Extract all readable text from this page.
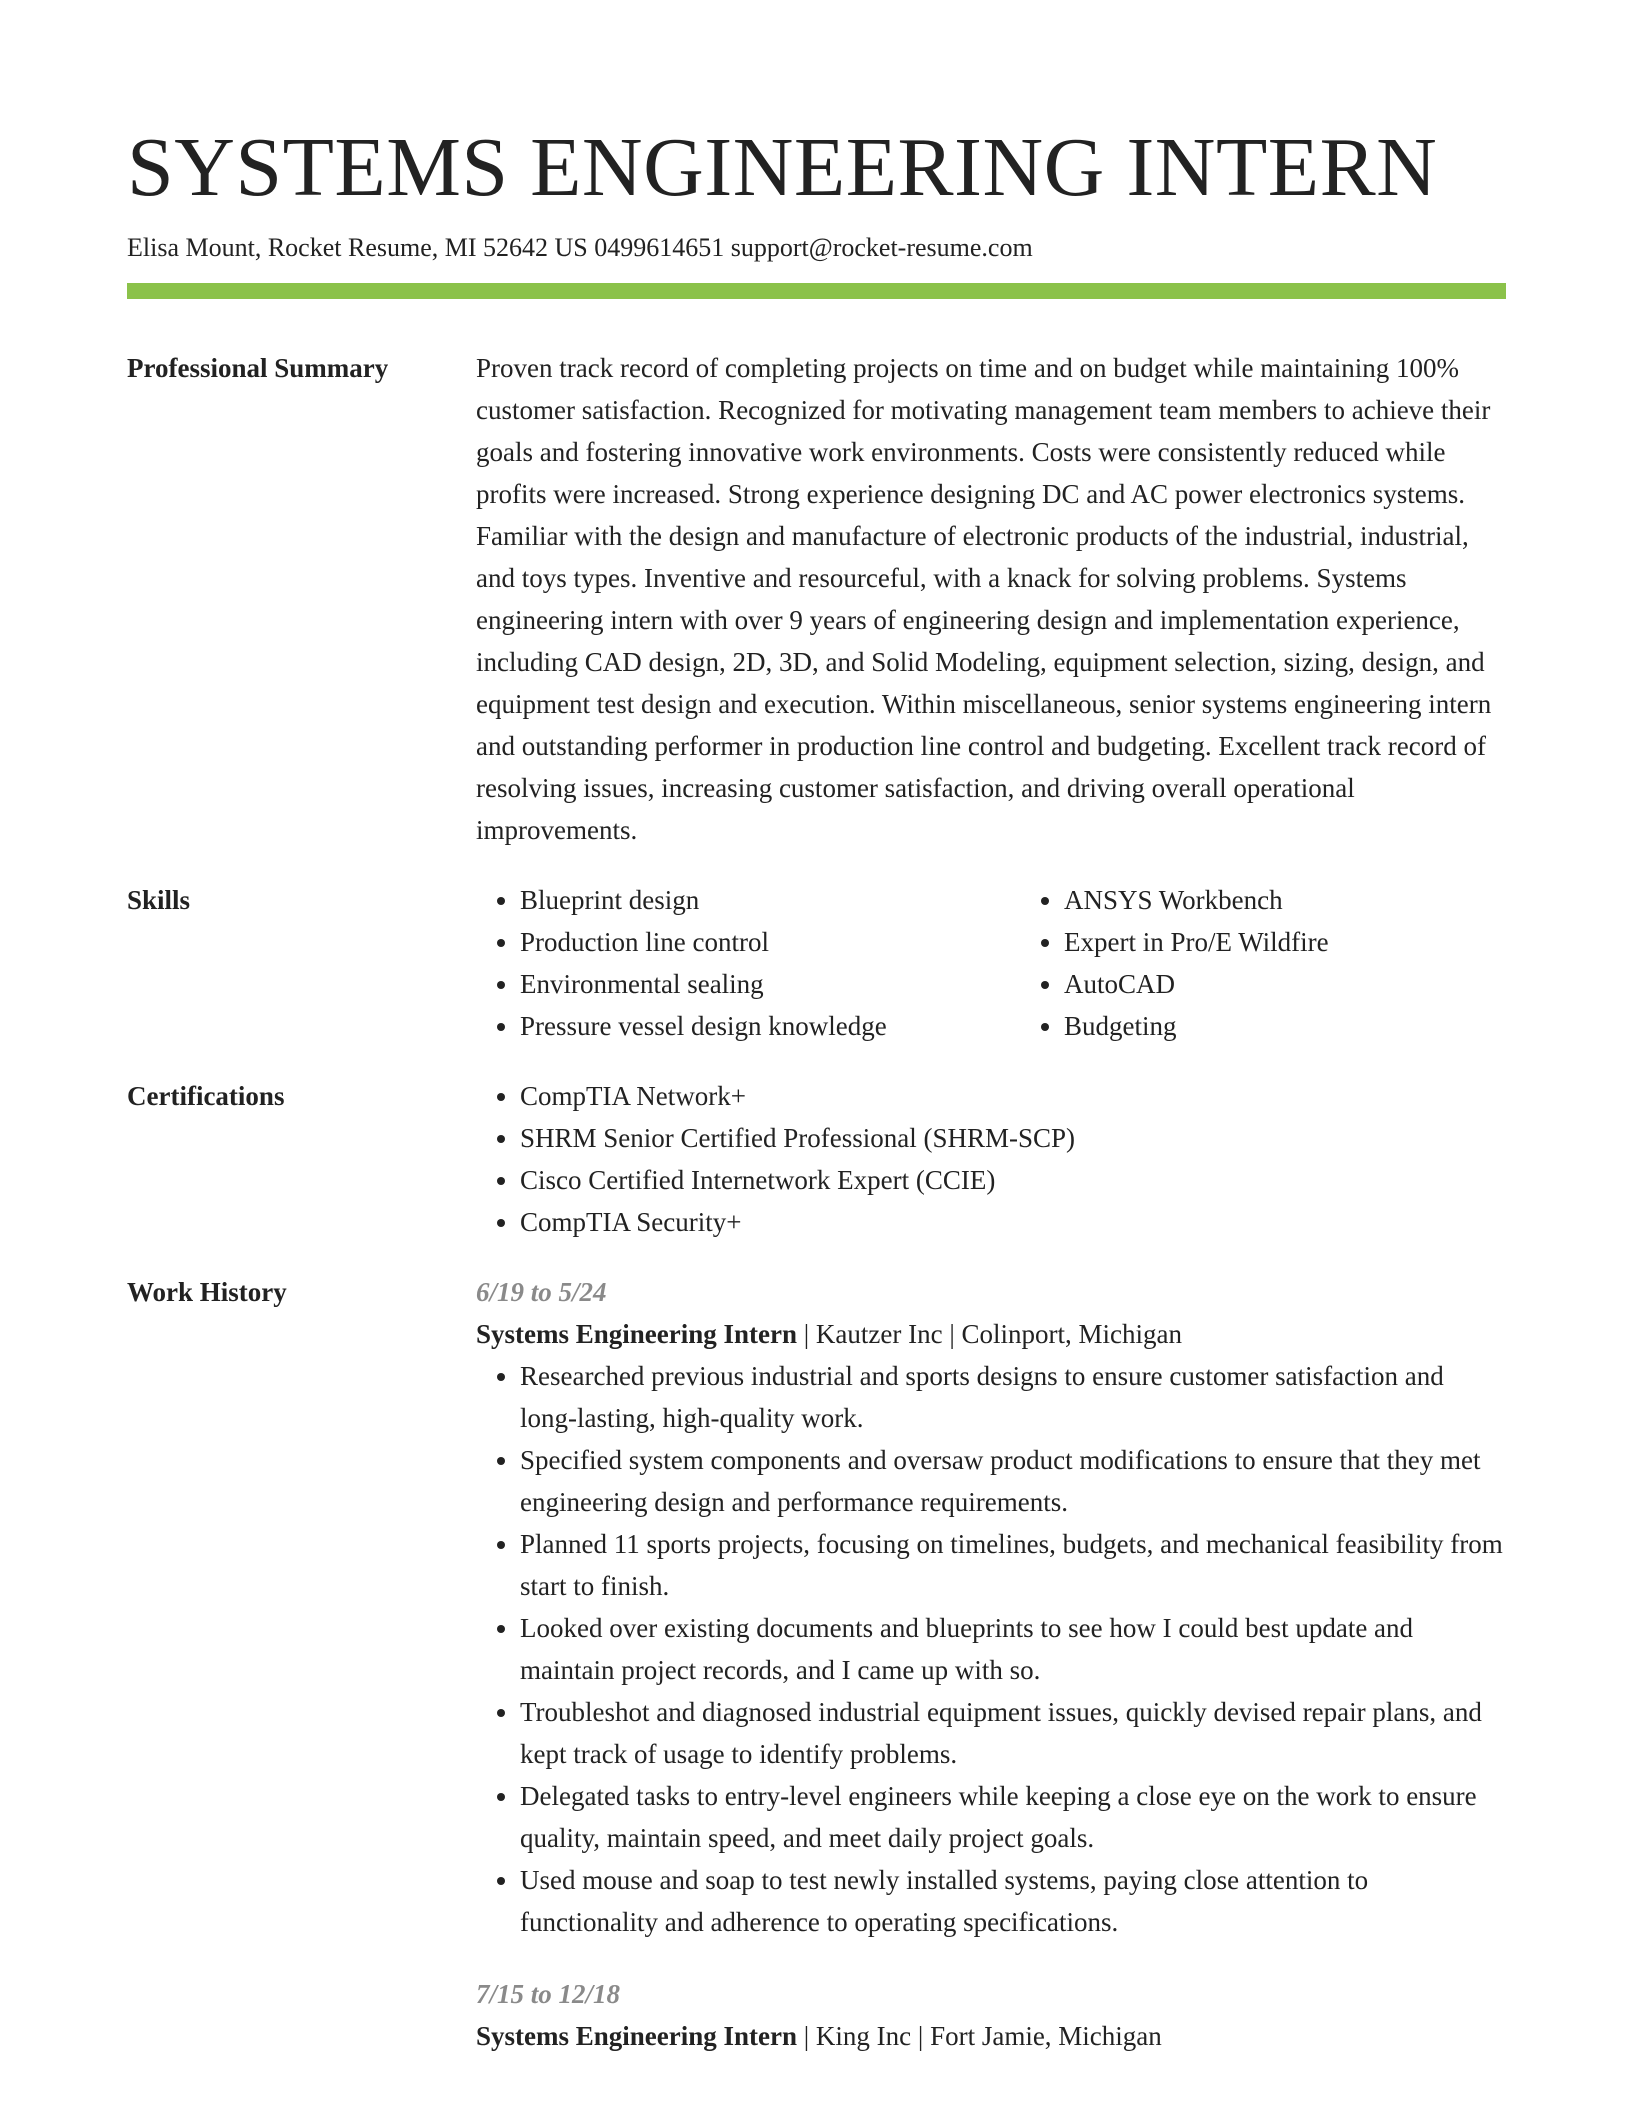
SYSTEMS ENGINEERING INTERN
Elisa Mount, Rocket Resume, MI 52642 US 0499614651 support@rocket-resume.com
Professional Summary	Proven track record of completing projects on time and on budget while maintaining 100% customer satisfaction. Recognized for motivating management team members to achieve their goals and fostering innovative work environments. Costs were consistently reduced while profits were increased. Strong experience designing DC and AC power electronics systems. Familiar with the design and manufacture of electronic products of the industrial, industrial, and toys types. Inventive and resourceful, with a knack for solving problems. Systems engineering intern with over 9 years of engineering design and implementation experience, including CAD design, 2D, 3D, and Solid Modeling, equipment selection, sizing, design, and equipment test design and execution. Within miscellaneous, senior systems engineering intern and outstanding performer in production line control and budgeting. Excellent track record of resolving issues, increasing customer satisfaction, and driving overall operational improvements.

Skills	• Blueprint design
• Production line control
• Environmental sealing
• Pressure vessel design knowledge
• ANSYS Workbench
• Expert in Pro/E Wildfire
• AutoCAD
• Budgeting
Certifications	• CompTIA Network+
• SHRM Senior Certified Professional (SHRM-SCP)
• Cisco Certified Internetwork Expert (CCIE)
• CompTIA Security+
Work History	6/19 to 5/24
Systems Engineering Intern | Kautzer Inc | Colinport, Michigan
• Researched previous industrial and sports designs to ensure customer satisfaction and long-lasting, high-quality work.
• Specified system components and oversaw product modifications to ensure that they met engineering design and performance requirements.
• Planned 11 sports projects, focusing on timelines, budgets, and mechanical feasibility from start to finish.
• Looked over existing documents and blueprints to see how I could best update and maintain project records, and I came up with so.
• Troubleshot and diagnosed industrial equipment issues, quickly devised repair plans, and kept track of usage to identify problems.
• Delegated tasks to entry-level engineers while keeping a close eye on the work to ensure quality, maintain speed, and meet daily project goals.
• Used mouse and soap to test newly installed systems, paying close attention to functionality and adherence to operating specifications.
7/15 to 12/18
Systems Engineering Intern | King Inc | Fort Jamie, Michigan
